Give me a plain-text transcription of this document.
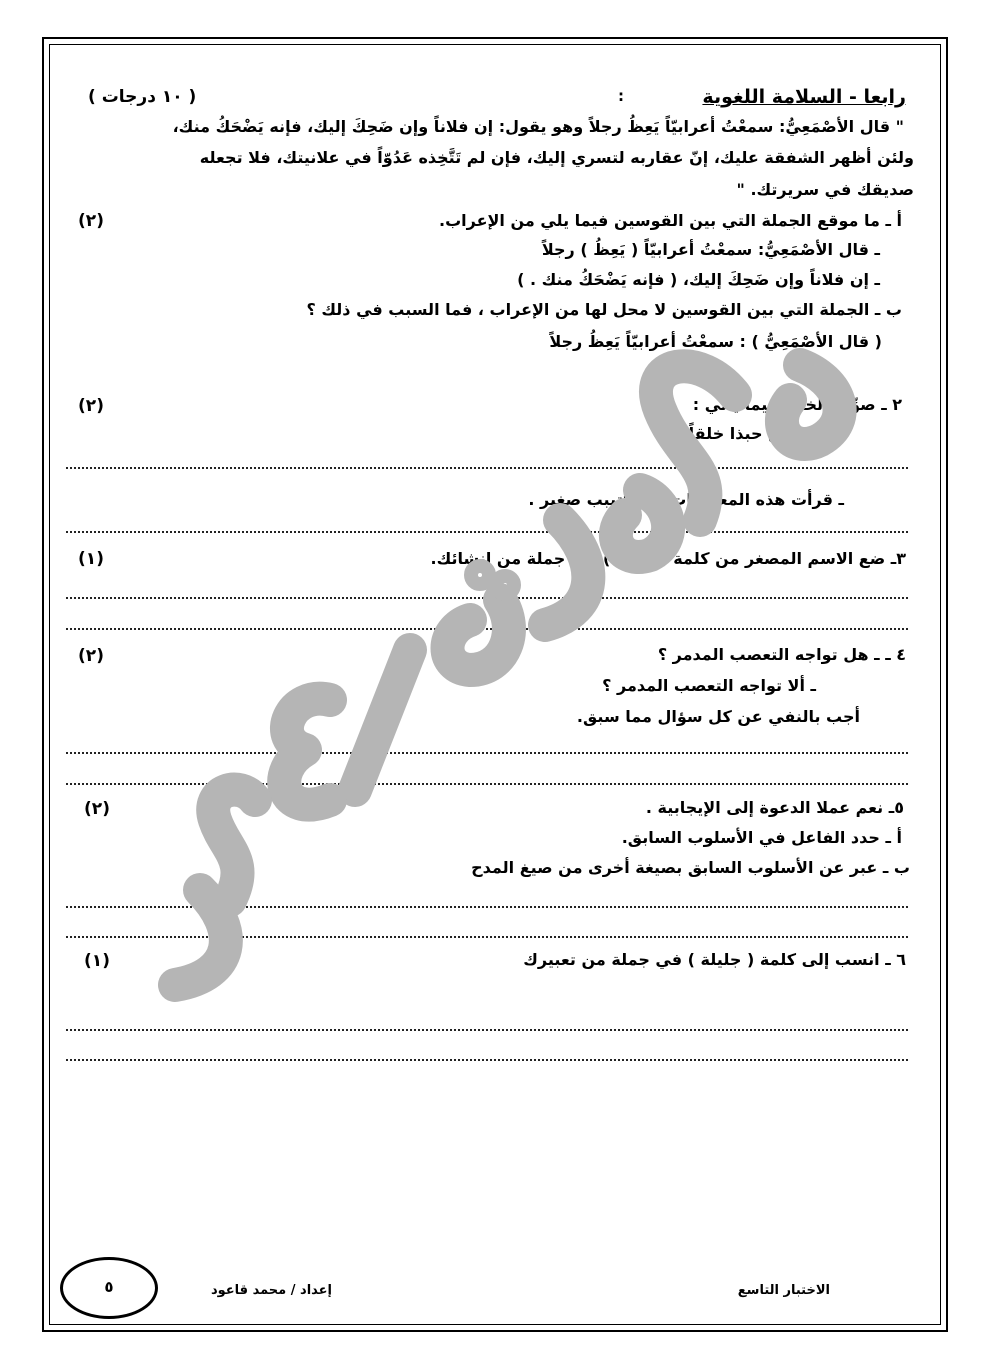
رابعا - السلامة اللغوية
:
( ١٠ درجات )
" قال الأصْمَعِيُّ: سمعْتُ أعرابيّاً يَعِظُ رجلاً وهو يقول: إن فلاناً وإن ضَحِكَ إليك، فإنه يَضْحَكُ منك،
ولئن أظهر الشفقة عليك، إنّ عقاربه لتسري إليك، فإن لم تَتَّخِذه عَدُوّاً في علانيتك، فلا تجعله
صديقك في سريرتك. "
أ ـ ما موقع الجملة التي بين القوسين فيما يلي من الإعراب.
(٢)
ـ قال الأصْمَعِيُّ: سمعْتُ أعرابيّاً ( يَعِظُ ) رجلاً
ـ إن فلاناً وإن ضَحِكَ إليك، ( فإنه يَضْحَكُ منك . )
ب ـ الجملة التي بين القوسين لا محل لها من الإعراب ، فما السبب في ذلك ؟
( قال الأصْمَعِيُّ ) : سمعْتُ أعرابيّاً يَعِظُ رجلاً
٢ ـ صوِّب الخطأ فيما يأتي :
(٢)
ـ الصدق حبذا خلقاً .
ـ قرأت هذه المعلومات في كتيبب صغير .
٣ـ ضع الاسم المصغر من كلمة ( صناع ) في جملة من إنشائك.
(١)
٤ ـ ـ هل تواجه التعصب المدمر ؟
(٢)
ـ ألا تواجه التعصب المدمر ؟
أجب بالنفي عن كل سؤال مما سبق.
٥ـ نعم عملا الدعوة إلى الإيجابية .
(٢)
أ ـ حدد الفاعل في الأسلوب السابق.
ب ـ عبر عن الأسلوب السابق بصيغة أخرى من صيغ المدح
٦ ـ انسب إلى كلمة ( جليلة ) في جملة من تعبيرك
(١)
الاختبار التاسع
إعداد / محمد قاعود
٥
